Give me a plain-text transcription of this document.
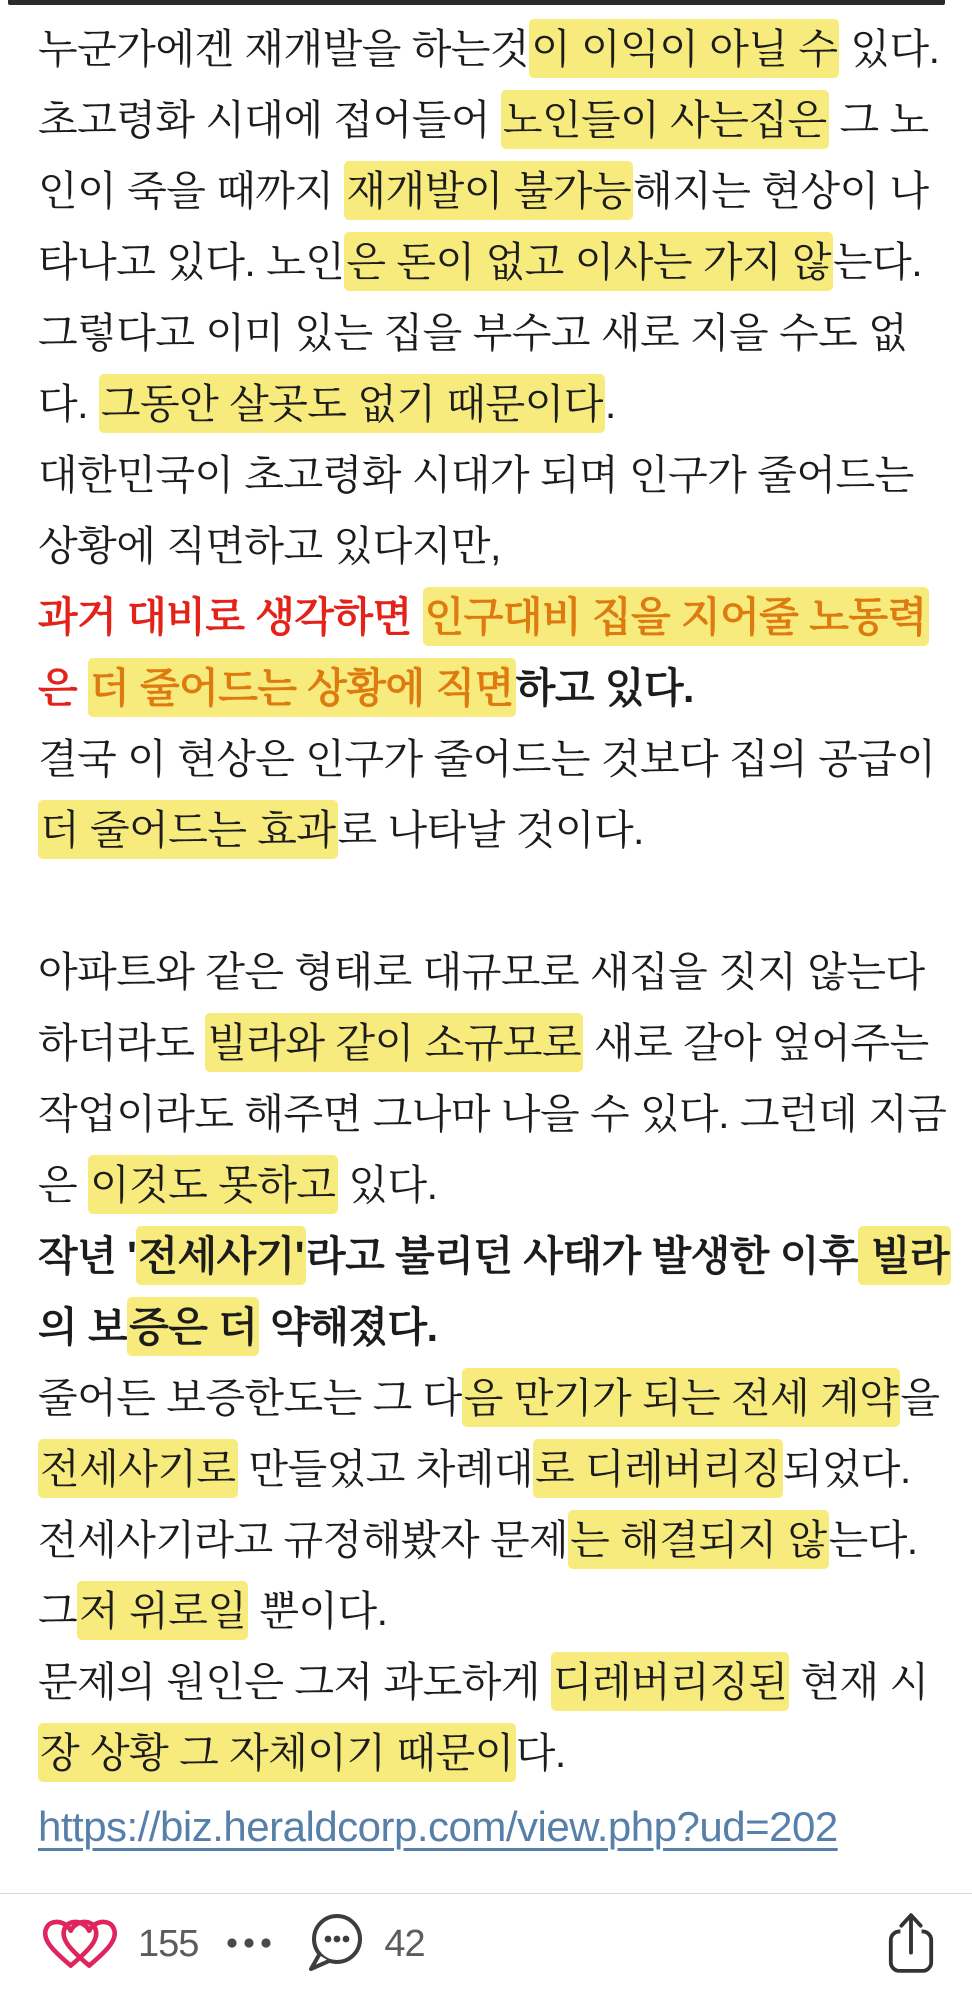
누군가에겐 재개발을 하는것이 이익이 아닐 수 있다.
초고령화 시대에 접어들어 노인들이 사는집은 그 노
인이 죽을 때까지 재개발이 불가능해지는 현상이 나
타나고 있다. 노인은 돈이 없고 이사는 가지 않는다.
그렇다고 이미 있는 집을 부수고 새로 지을 수도 없
다. 그동안 살곳도 없기 때문이다.
대한민국이 초고령화 시대가 되며 인구가 줄어드는
상황에 직면하고 있다지만,
과거 대비로 생각하면 인구대비 집을 지어줄 노동력
은 더 줄어드는 상황에 직면하고 있다.
결국 이 현상은 인구가 줄어드는 것보다 집의 공급이
더 줄어드는 효과로 나타날 것이다.
아파트와 같은 형태로 대규모로 새집을 짓지 않는다
하더라도 빌라와 같이 소규모로 새로 갈아 엎어주는
작업이라도 해주면 그나마 나을 수 있다. 그런데 지금
은 이것도 못하고 있다.
작년 '전세사기'라고 불리던 사태가 발생한 이후 빌라
의 보증은 더 약해졌다.
줄어든 보증한도는 그 다음 만기가 되는 전세 계약을
전세사기로 만들었고 차례대로 디레버리징되었다.
전세사기라고 규정해봤자 문제는 해결되지 않는다.
그저 위로일 뿐이다.
문제의 원인은 그저 과도하게 디레버리징된 현재 시
장 상황 그 자체이기 때문이다.
https://biz.heraldcorp.com/view.php?ud=202
155	42
